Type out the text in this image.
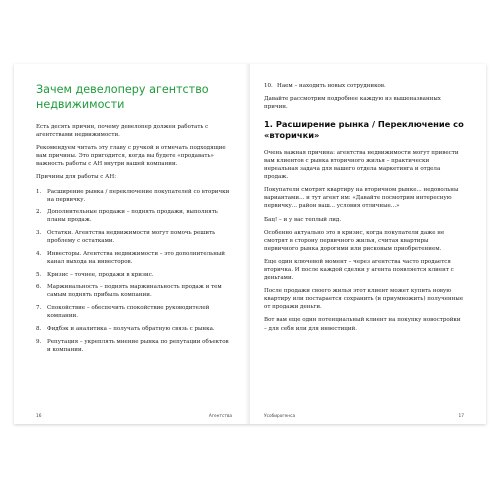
Зачем девелоперу агентство недвижимости

Есть десять причин, почему девелопер должен работать с агентствами недвижимости.

Рекомендуем читать эту главу с ручкой и отмечать подходящие вам причины. Это пригодится, когда вы будете «продавать» важность работы с АН внутри вашей компании.

Причины для работы с АН:

1. Расширение рынка / переключение покупателей со вторички на первичку.
2. Дополнительные продажи – поднять продажи, выполнять планы продаж.
3. Остатки. Агентства недвижимости могут помочь решить проблему с остатками.
4. Инвесторы. Агентства недвижимости – это дополнительный канал выхода на инвесторов.
5. Кризис – точнее, продажи в кризис.
6. Маржинальность – поднять маржинальность продаж и тем самым поднять прибыль компании.
7. Спокойствие – обеспечить спокойствие руководителей компании.
8. Фидбэк и аналитика – получать обратную связь с рынка.
9. Репутация – укреплять мнение рынка по репутации объектов и компании.
16	Агентства
10. Наем – находить новых сотрудников.

Давайте рассмотрим подробнее каждую из вышеназванных причин.

1. Расширение рынка / Переключение со «вторички»

Очень важная причина: агентства недвижимости могут привести вам клиентов с рынка вторичного жилья – практически нереальная задача для вашего отдела маркетинга и отдела продаж.

Покупатели смотрят квартиру на вторичном рынке... недовольны вариантами... и тут агент им: «Давайте посмотрим интересную первичку... район ваш... условия отличные...»

Бац! – и у вас теплый лид.

Особенно актуально это в кризис, когда покупатели даже не смотрят в сторону первичного жилья, считая квартиры первичного рынка дорогими или рисковым приобретением.

Еще один ключевой момент – через агентства часто продается вторичка. И после каждой сделки у агента появляется клиент с деньгами.

После продажи своего жилья этот клиент может купить новую квартиру или постарается сохранить (и приумножить) полученные от продажи деньги.

Вот вам еще один потенциальный клиент на покупку новостройки – для себя или для инвестиций.

Усобирогенса	17
